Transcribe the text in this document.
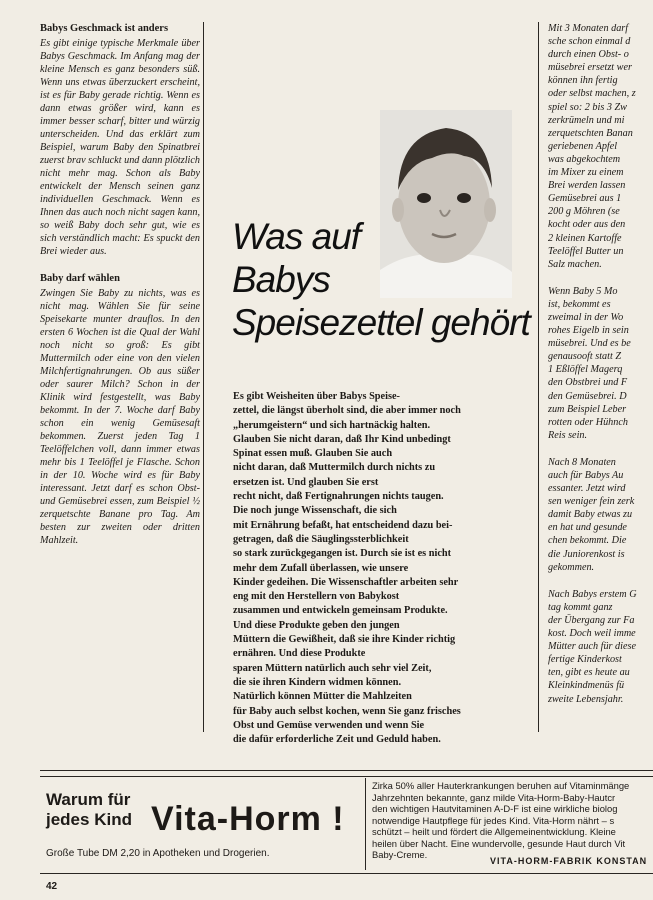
Babys Geschmack ist anders

Es gibt einige typische Merkmale über Babys Geschmack. Im Anfang mag der kleine Mensch es ganz besonders süß. Wenn uns etwas überzuckert erscheint, ist es für Baby gerade richtig. Wenn es dann etwas größer wird, kann es immer besser scharf, bitter und würzig unterscheiden. Und das erklärt zum Beispiel, warum Baby den Spinatbrei zuerst brav schluckt und dann plötzlich nicht mehr mag. Schon als Baby entwickelt der Mensch seinen ganz individuellen Geschmack. Wenn es Ihnen das auch noch nicht sagen kann, so weiß Baby doch sehr gut, wie es sich verständlich macht: Es spuckt den Brei wieder aus.

Baby darf wählen

Zwingen Sie Baby zu nichts, was es nicht mag. Wählen Sie für seine Speisekarte munter drauflos. In den ersten 6 Wochen ist die Qual der Wahl noch nicht so groß: Es gibt Muttermilch oder eine von den vielen Milchfertignahrungen. Ob aus süßer oder saurer Milch? Schon in der Klinik wird festgestellt, was Baby bekommt. In der 7. Woche darf Baby schon ein wenig Gemüsesaft bekommen. Zuerst jeden Tag 1 Teelöffelchen voll, dann immer etwas mehr bis 1 Teelöffel je Flasche. Schon in der 10. Woche wird es für Baby interessant. Jetzt darf es schon Obst- und Gemüsebrei essen, zum Beispiel ½ zerquetschte Banane pro Tag. Am besten zur zweiten oder dritten Mahlzeit.

Was auf
Babys
Speisezettel gehört
Es gibt Weisheiten über Babys Speise-
zettel, die längst überholt sind, die aber immer noch
„herumgeistern“ und sich hartnäckig halten.
Glauben Sie nicht daran, daß Ihr Kind unbedingt
Spinat essen muß. Glauben Sie auch
nicht daran, daß Muttermilch durch nichts zu
ersetzen ist. Und glauben Sie erst
recht nicht, daß Fertignahrungen nichts taugen.
Die noch junge Wissenschaft, die sich
mit Ernährung befaßt, hat entscheidend dazu bei-
getragen, daß die Säuglingssterblichkeit
so stark zurückgegangen ist. Durch sie ist es nicht
mehr dem Zufall überlassen, wie unsere
Kinder gedeihen. Die Wissenschaftler arbeiten sehr
eng mit den Herstellern von Babykost
zusammen und entwickeln gemeinsam Produkte.
Und diese Produkte geben den jungen
Müttern die Gewißheit, daß sie ihre Kinder richtig
ernähren. Und diese Produkte
sparen Müttern natürlich auch sehr viel Zeit,
die sie ihren Kindern widmen können.
Natürlich können Mütter die Mahlzeiten
für Baby auch selbst kochen, wenn Sie ganz frisches
Obst und Gemüse verwenden und wenn Sie
die dafür erforderliche Zeit und Geduld haben.
Mit 3 Monaten darf
sche schon einmal d
durch einen Obst- o
müsebrei ersetzt wer
können ihn fertig
oder selbst machen, z
spiel so: 2 bis 3 Zw
zerkrümeln und mi
zerquetschten Banan
geriebenen Apfel
was abgekochtem
im Mixer zu einem
Brei werden lassen
Gemüsebrei aus 1
200 g Möhren (se
kocht oder aus den
2 kleinen Kartoffe
Teelöffel Butter un
Salz machen.
Wenn Baby 5 Mo
ist, bekommt es
zweimal in der Wo
rohes Eigelb in sein
müsebrei. Und es be
genausooft statt Z
1 Eßlöffel Magerq
den Obstbrei und F
den Gemüsebrei. D
zum Beispiel Leber
rotten oder Hühnch
Reis sein.
Nach 8 Monaten
auch für Babys Au
essanter. Jetzt wird
sen weniger fein zerk
damit Baby etwas zu
en hat und gesunde
chen bekommt. Die
die Juniorenkost is
gekommen.
Nach Babys erstem G
tag kommt ganz
der Übergang zur Fa
kost. Doch weil imme
Mütter auch für diese
fertige Kinderkost
ten, gibt es heute au
Kleinkindmenüs fü
zweite Lebensjahr.
Warum für
jedes Kind Vita-Horm !
Große Tube DM 2,20 in Apotheken und Drogerien.
Zirka 50% aller Hauterkrankungen beruhen auf Vitaminmänge
Jahrzehnten bekannte, ganz milde Vita-Horm-Baby-Hautcr
den wichtigen Hautvitaminen A-D-F ist eine wirkliche biolog
notwendige Hautpflege für jedes Kind. Vita-Horm nährt – s
schützt – heilt und fördert die Allgemeinentwicklung. Kleine
heilen über Nacht. Eine wundervolle, gesunde Haut durch Vit
Baby-Creme.
VITA-HORM-FABRIK KONSTAN
42
